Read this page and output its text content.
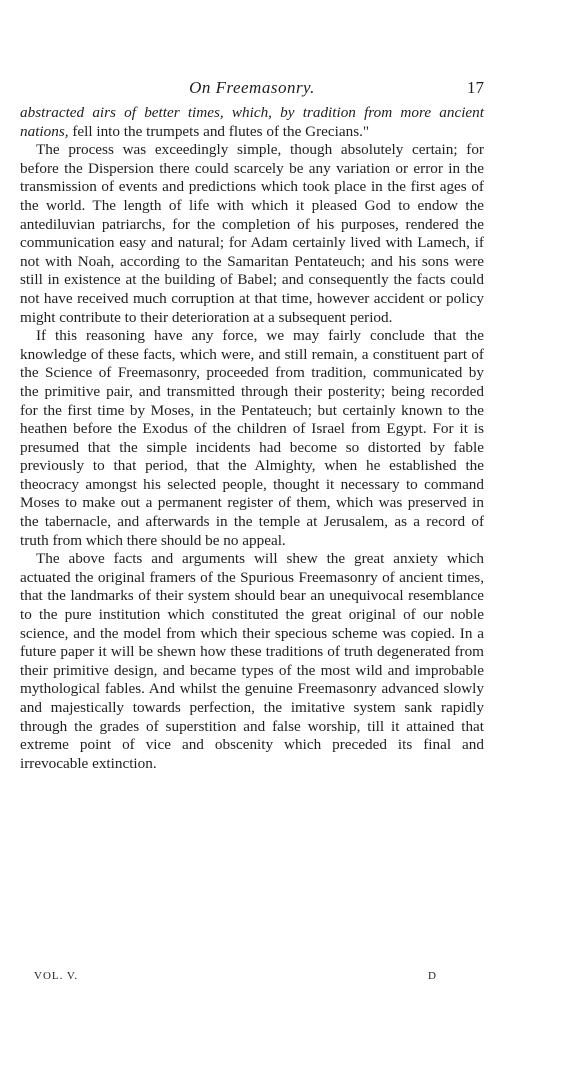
On Freemasonry.	17

abstracted airs of better times, which, by tradition from more ancient nations, fell into the trumpets and flutes of the Grecians."

The process was exceedingly simple, though absolutely certain; for before the Dispersion there could scarcely be any variation or error in the transmission of events and predictions which took place in the first ages of the world. The length of life with which it pleased God to endow the antediluvian patriarchs, for the completion of his purposes, rendered the communication easy and natural; for Adam certainly lived with Lamech, if not with Noah, according to the Samaritan Pentateuch; and his sons were still in existence at the building of Babel; and consequently the facts could not have received much corruption at that time, however accident or policy might contribute to their deterioration at a subsequent period.

If this reasoning have any force, we may fairly conclude that the knowledge of these facts, which were, and still remain, a constituent part of the Science of Freemasonry, proceeded from tradition, communicated by the primitive pair, and transmitted through their posterity; being recorded for the first time by Moses, in the Pentateuch; but certainly known to the heathen before the Exodus of the children of Israel from Egypt. For it is presumed that the simple incidents had become so distorted by fable previously to that period, that the Almighty, when he established the theocracy amongst his selected people, thought it necessary to command Moses to make out a permanent register of them, which was preserved in the tabernacle, and afterwards in the temple at Jerusalem, as a record of truth from which there should be no appeal.

The above facts and arguments will shew the great anxiety which actuated the original framers of the Spurious Freemasonry of ancient times, that the landmarks of their system should bear an unequivocal resemblance to the pure institution which constituted the great original of our noble science, and the model from which their specious scheme was copied. In a future paper it will be shewn how these traditions of truth degenerated from their primitive design, and became types of the most wild and improbable mythological fables. And whilst the genuine Freemasonry advanced slowly and majestically towards perfection, the imitative system sank rapidly through the grades of superstition and false worship, till it attained that extreme point of vice and obscenity which preceded its final and irrevocable extinction.

VOL. V.	D
